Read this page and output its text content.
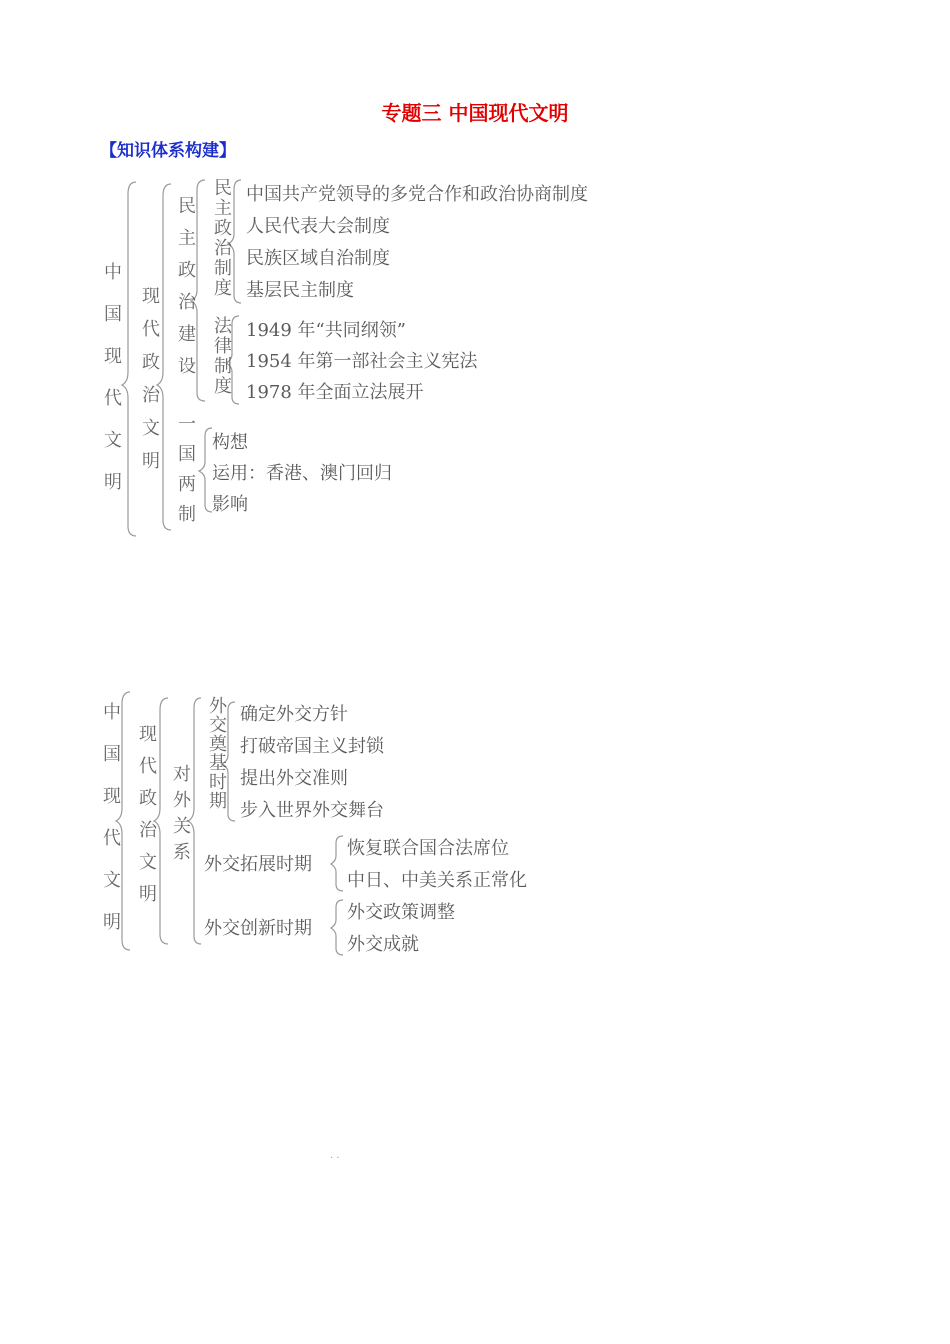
专题三 中国现代文明
【知识体系构建】
中国现代文明 现代政治文明 民主政治建设
一国两制
民主政治制度
法律制度
中国共产党领导的多党合作和政治协商制度
人民代表大会制度
民族区域自治制度
基层民主制度
1949 年“共同纲领”
1954 年第一部社会主义宪法
1978 年全面立法展开
构想
运用：香港、澳门回归
影响
中国现代文明 现代政治文明 对外关系
外交奠基时期 确定外交方针
打破帝国主义封锁
提出外交准则
步入世界外交舞台
外交拓展时期
恢复联合国合法席位
中日、中美关系正常化
外交创新时期
外交政策调整
外交成就
. .
